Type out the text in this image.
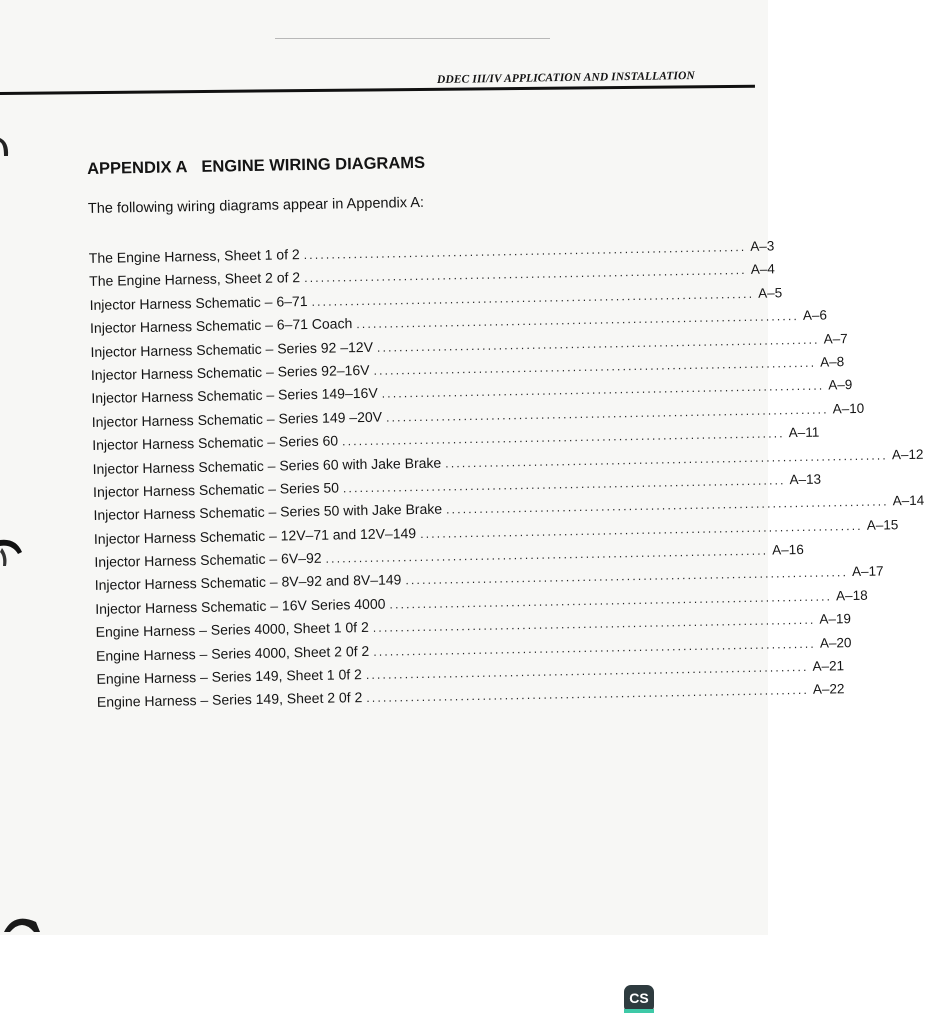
DDEC III/IV APPLICATION AND INSTALLATION
APPENDIX A ENGINE WIRING DIAGRAMS
The following wiring diagrams appear in Appendix A:
The Engine Harness, Sheet 1 of 2 ................................................................................ A–3
The Engine Harness, Sheet 2 of 2 ................................................................................ A–4
Injector Harness Schematic – 6–71 ................................................................................ A–5
Injector Harness Schematic – 6–71 Coach ................................................................................ A–6
Injector Harness Schematic – Series 92 –12V ................................................................................ A–7
Injector Harness Schematic – Series 92–16V ................................................................................ A–8
Injector Harness Schematic – Series 149–16V ................................................................................ A–9
Injector Harness Schematic – Series 149 –20V ................................................................................ A–10
Injector Harness Schematic – Series 60 ................................................................................ A–11
Injector Harness Schematic – Series 60 with Jake Brake ................................................................................ A–12
Injector Harness Schematic – Series 50 ................................................................................ A–13
Injector Harness Schematic – Series 50 with Jake Brake ................................................................................ A–14
Injector Harness Schematic – 12V–71 and 12V–149 ................................................................................ A–15
Injector Harness Schematic – 6V–92 ................................................................................ A–16
Injector Harness Schematic – 8V–92 and 8V–149 ................................................................................ A–17
Injector Harness Schematic – 16V Series 4000 ................................................................................ A–18
Engine Harness – Series 4000, Sheet 1 0f 2 ................................................................................ A–19
Engine Harness – Series 4000, Sheet 2 0f 2 ................................................................................ A–20
Engine Harness – Series 149, Sheet 1 0f 2 ................................................................................ A–21
Engine Harness – Series 149, Sheet 2 0f 2 ................................................................................ A–22
CS
